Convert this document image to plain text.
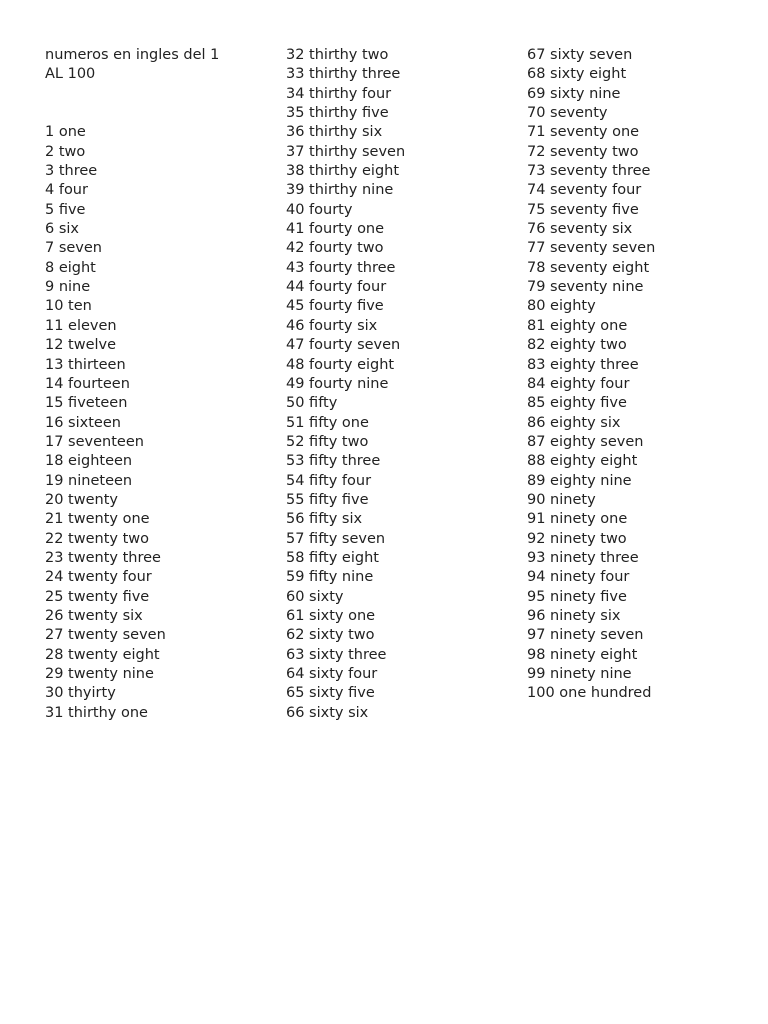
numeros en ingles del 1
AL 100
1 one
2 two
3 three
4 four
5 five
6 six
7 seven
8 eight
9 nine
10 ten
11 eleven
12 twelve
13 thirteen
14 fourteen
15 fiveteen
16 sixteen
17 seventeen
18 eighteen
19 nineteen
20 twenty
21 twenty one
22 twenty two
23 twenty three
24 twenty four
25 twenty five
26 twenty six
27 twenty seven
28 twenty eight
29 twenty nine
30 thyirty
31 thirthy one
32 thirthy two
33 thirthy three
34 thirthy four
35 thirthy five
36 thirthy six
37 thirthy seven
38 thirthy eight
39 thirthy nine
40 fourty
41 fourty one
42 fourty two
43 fourty three
44 fourty four
45 fourty five
46 fourty six
47 fourty seven
48 fourty eight
49 fourty nine
50 fifty
51 fifty one
52 fifty two
53 fifty three
54 fifty four
55 fifty five
56 fifty six
57 fifty seven
58 fifty eight
59 fifty nine
60 sixty
61 sixty one
62 sixty two
63 sixty three
64 sixty four
65 sixty five
66 sixty six
67 sixty seven
68 sixty eight
69 sixty nine
70 seventy
71 seventy one
72 seventy two
73 seventy three
74 seventy four
75 seventy five
76 seventy six
77 seventy seven
78 seventy eight
79 seventy nine
80 eighty
81 eighty one
82 eighty two
83 eighty three
84 eighty four
85 eighty five
86 eighty six
87 eighty seven
88 eighty eight
89 eighty nine
90 ninety
91 ninety one
92 ninety two
93 ninety three
94 ninety four
95 ninety five
96 ninety six
97 ninety seven
98 ninety eight
99 ninety nine
100 one hundred
